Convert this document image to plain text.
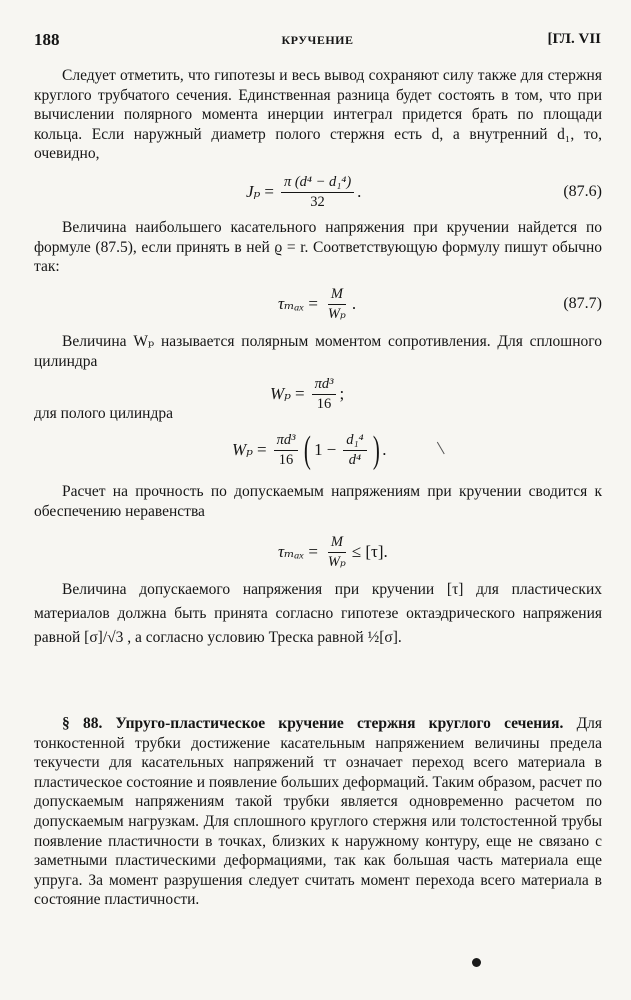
188	КРУЧЕНИЕ	[ГЛ. VII

Следует отметить, что гипотезы и весь вывод сохраняют силу также для стержня круглого трубчатого сечения. Единственная разница будет состоять в том, что при вычислении полярного момента инерции интеграл придется брать по площади кольца. Если наружный диаметр полого стержня есть d, а внутренний d₁, то, очевидно,

$J_p = \frac{\text{π (d⁴ − d₁⁴)}}{32}$ .	(87.6)

Величина наибольшего касательного напряжения при кручении найдется по формуле (87.5), если принять в ней ϱ = r. Соответствующую формулу пишут обычно так:

$\tau_{max} = \frac{M}{\text{Wₚ}}$ .	(87.7)

Величина Wₚ называется полярным моментом сопротивления. Для сплошного цилиндра

$W_p = \frac{\text{πd³}}{16}$ ;

для полого цилиндра

$W_p = \frac{\text{πd³}}{16}$ ( $1 - \frac{\text{d₁⁴}}{\text{d⁴}}$ ) .

Расчет на прочность по допускаемым напряжениям при кручении сводится к обеспечению неравенства

$\tau_{max} = \frac{M}{\text{Wₚ}} \le [\tau]$.

Величина допускаемого напряжения при кручении [τ] для пластических материалов должна быть принята согласно гипотезе октаэдрического напряжения равной [σ]/√3 , а согласно условию Треска равной ½[σ].

§ 88. Упруго-пластическое кручение стержня круглого сечения. Для тонкостенной трубки достижение касательным напряжением величины предела текучести для касательных напряжений τт означает переход всего материала в пластическое состояние и появление больших деформаций. Таким образом, расчет по допускаемым напряжениям такой трубки является одновременно расчетом по допускаемым нагрузкам. Для сплошного круглого стержня или толстостенной трубы появление пластичности в точках, близких к наружному контуру, еще не связано с заметными пластическими деформациями, так как большая часть материала еще упруга. За момент разрушения следует считать момент перехода всего материала в состояние пластичности.
